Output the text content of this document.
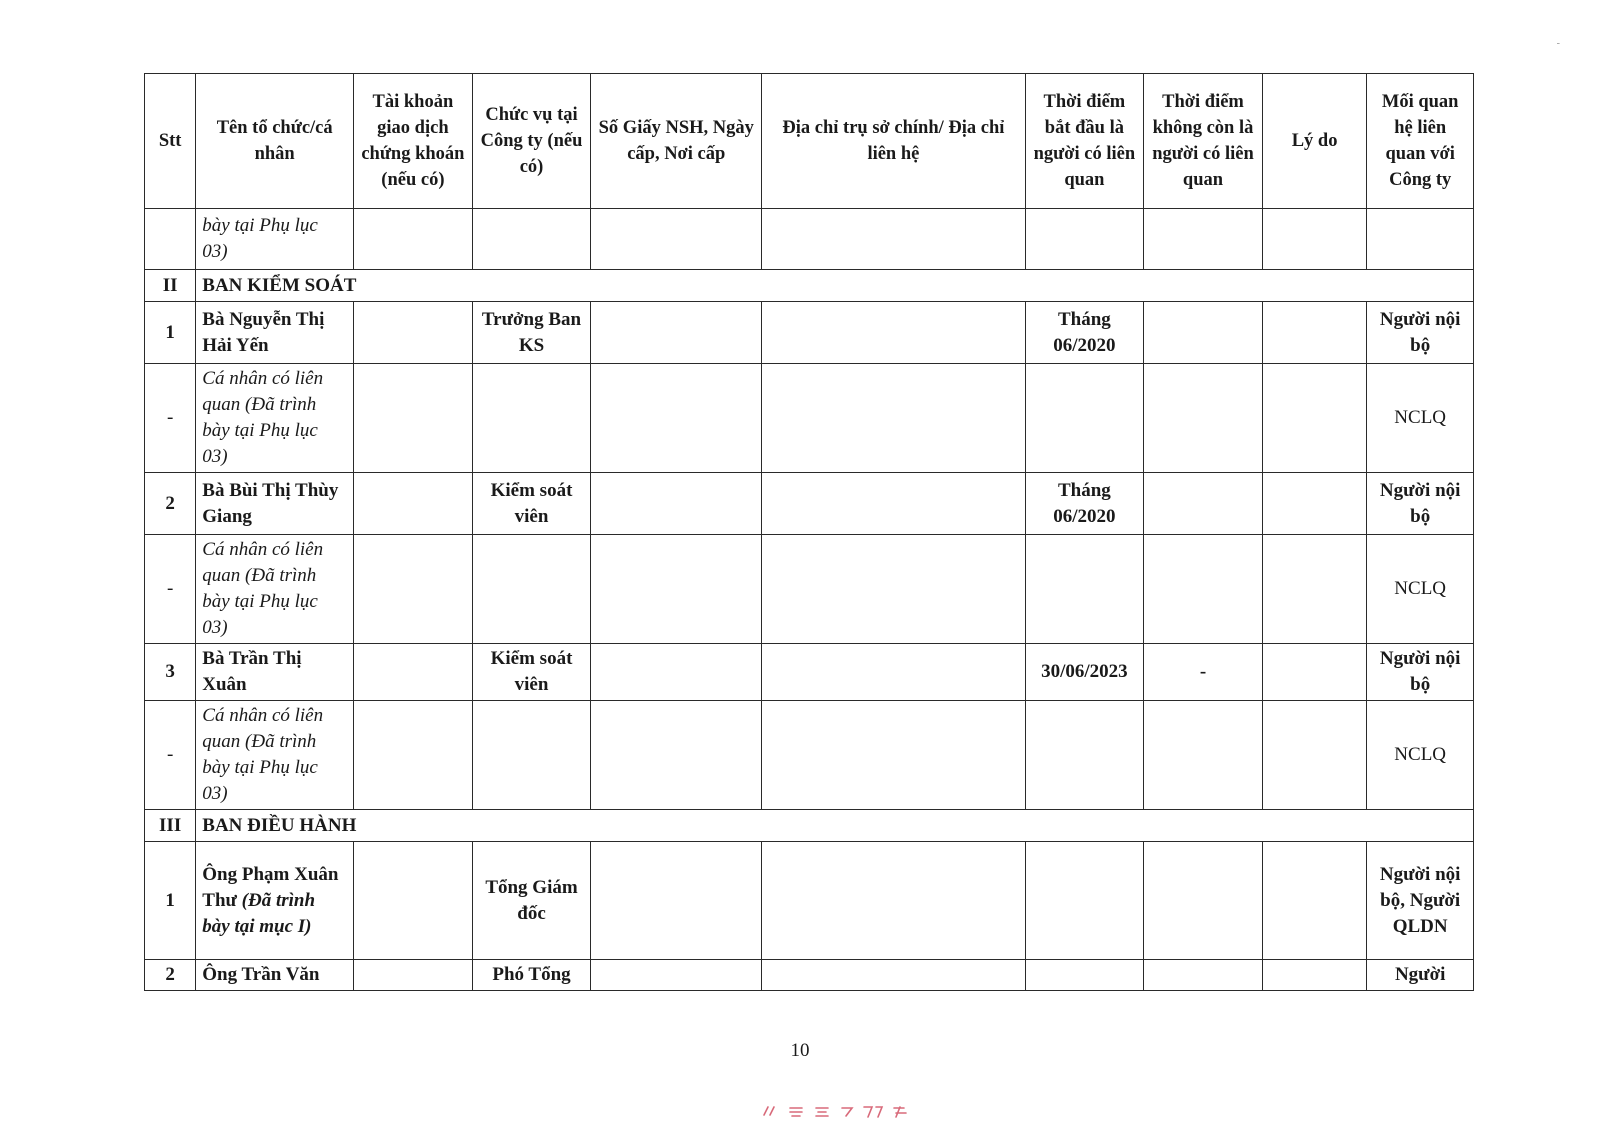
-
Stt	Tên tổ chức/cá nhân	Tài khoản giao dịch chứng khoán (nếu có)	Chức vụ tại Công ty (nếu có)	Số Giấy NSH, Ngày cấp, Nơi cấp	Địa chỉ trụ sở chính/ Địa chỉ liên hệ	Thời điểm bắt đầu là người có liên quan	Thời điểm không còn là người có liên quan	Lý do	Mối quan hệ liên quan với Công ty
	bày tại Phụ lục 03)								
II	BAN KIỂM SOÁT								
1	Bà Nguyễn Thị Hải Yến		Trưởng Ban KS			Tháng 06/2020			Người nội bộ
-	Cá nhân có liên quan (Đã trình bày tại Phụ lục 03)								NCLQ
2	Bà Bùi Thị Thùy Giang		Kiểm soát viên			Tháng 06/2020			Người nội bộ
-	Cá nhân có liên quan (Đã trình bày tại Phụ lục 03)								NCLQ
3	Bà Trần Thị Xuân		Kiểm soát viên			30/06/2023	-		Người nội bộ
-	Cá nhân có liên quan (Đã trình bày tại Phụ lục 03)								NCLQ
III	BAN ĐIỀU HÀNH								
1	Ông Phạm Xuân Thư (Đã trình bày tại mục I)		Tổng Giám đốc						Người nội bộ, Người QLDN
2	Ông Trần Văn		Phó Tổng						Người
10
